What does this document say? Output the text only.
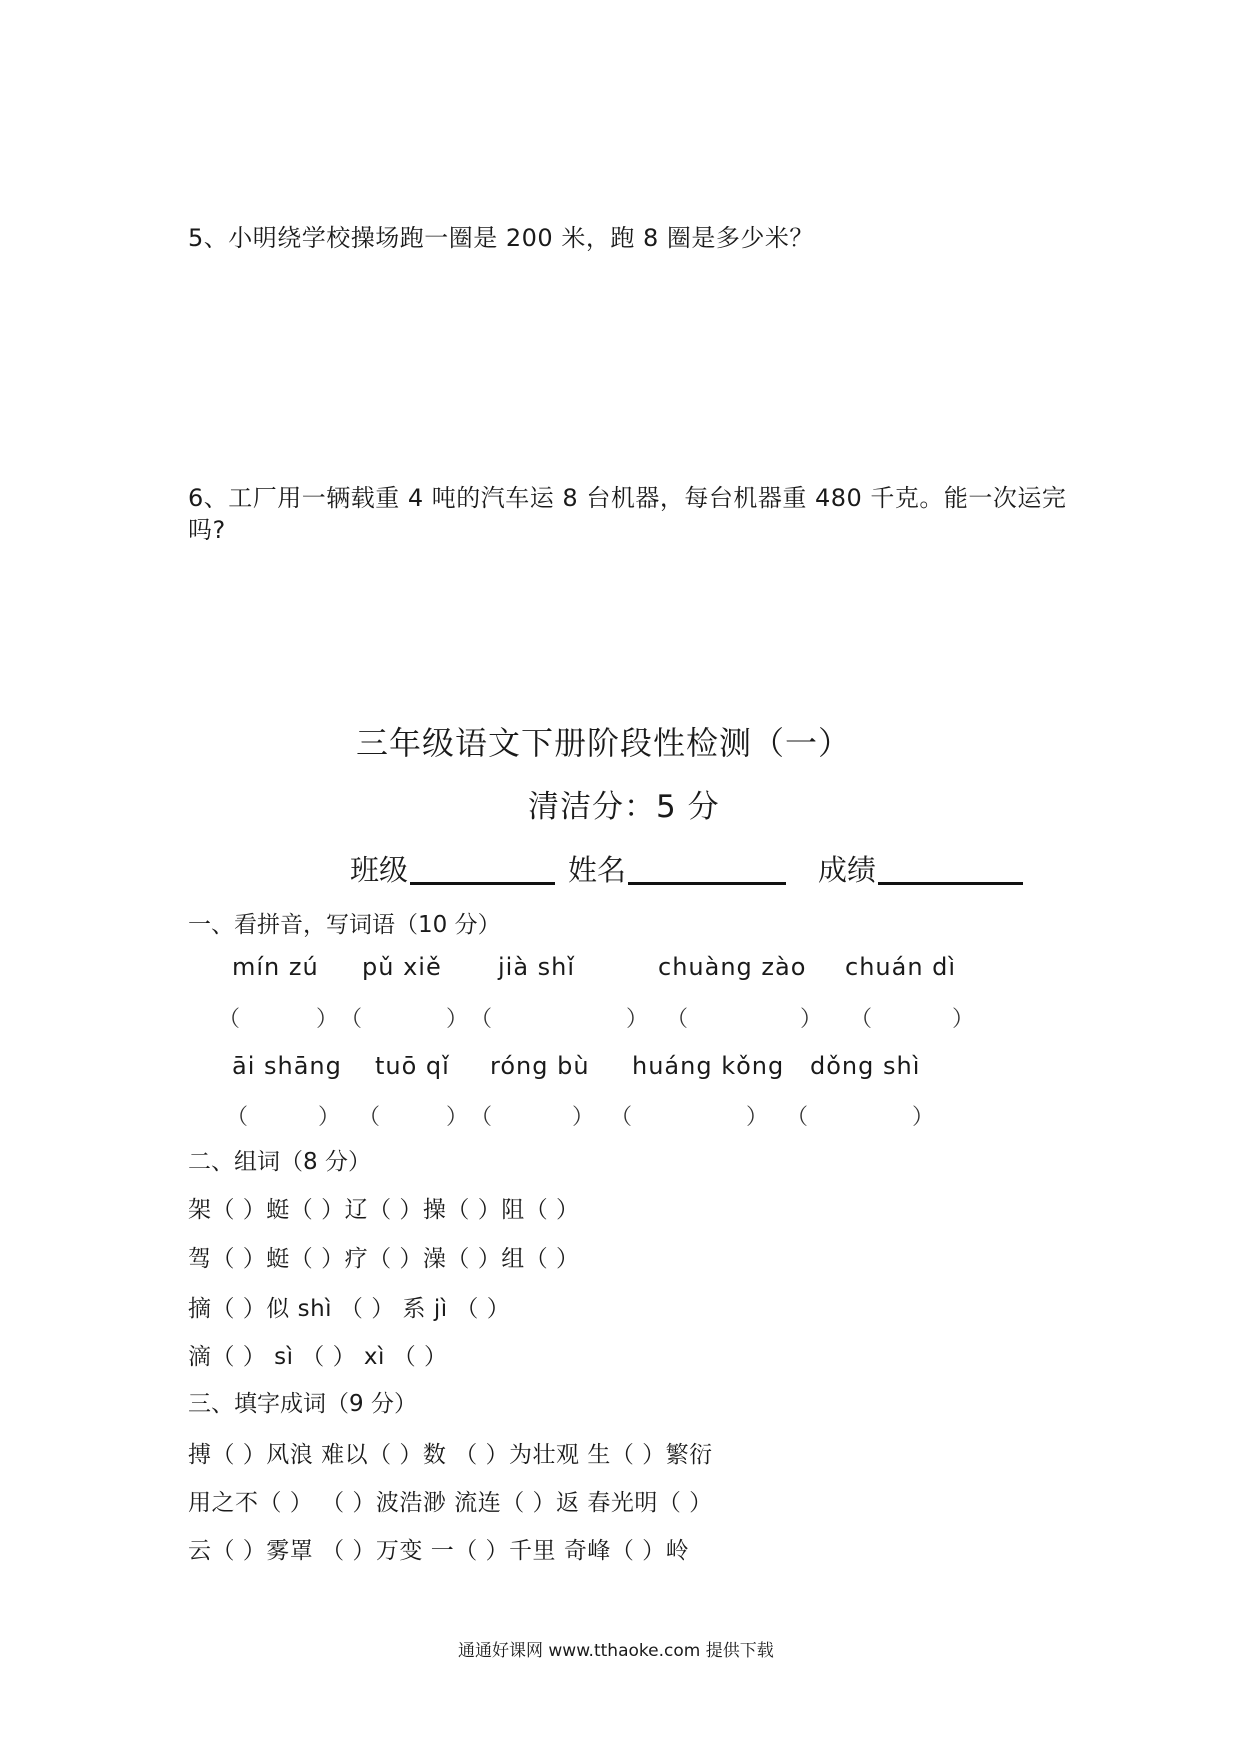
5、小明绕学校操场跑一圈是 200 米，跑 8 圈是多少米？
6、工厂用一辆载重 4 吨的汽车运 8 台机器，每台机器重 480 千克。能一次运完
吗?
三年级语文下册阶段性检测（一）
清洁分：5 分
班级	姓名	成绩
一、看拼音，写词语（10 分）
mín zú pǔ xiě jià shǐ	chuàng zào chuán dì
（	） （	） （	） （	） （	）
āi shāng tuō qǐ róng bù huáng kǒng dǒng shì
（	） （	） （	） （	） （	）
二、组词（8 分）
架（ ）蜓（ ）辽（ ）操（ ）阻（ ）
驾（ ）蜓（ ）疗（ ）澡（ ）组（ ）
摘（ ）似 shì （ ） 系 jì （ ）
滴（ ） sì （ ） xì （ ）
三、填字成词（9 分）
搏（ ）风浪 难以（ ）数 （ ）为壮观 生（ ）繁衍
用之不（ ） （ ）波浩渺 流连（ ）返 春光明（ ）
云（ ）雾罩 （ ）万变 一（ ）千里 奇峰（ ）岭
通通好课网 www.tthaoke.com 提供下载
